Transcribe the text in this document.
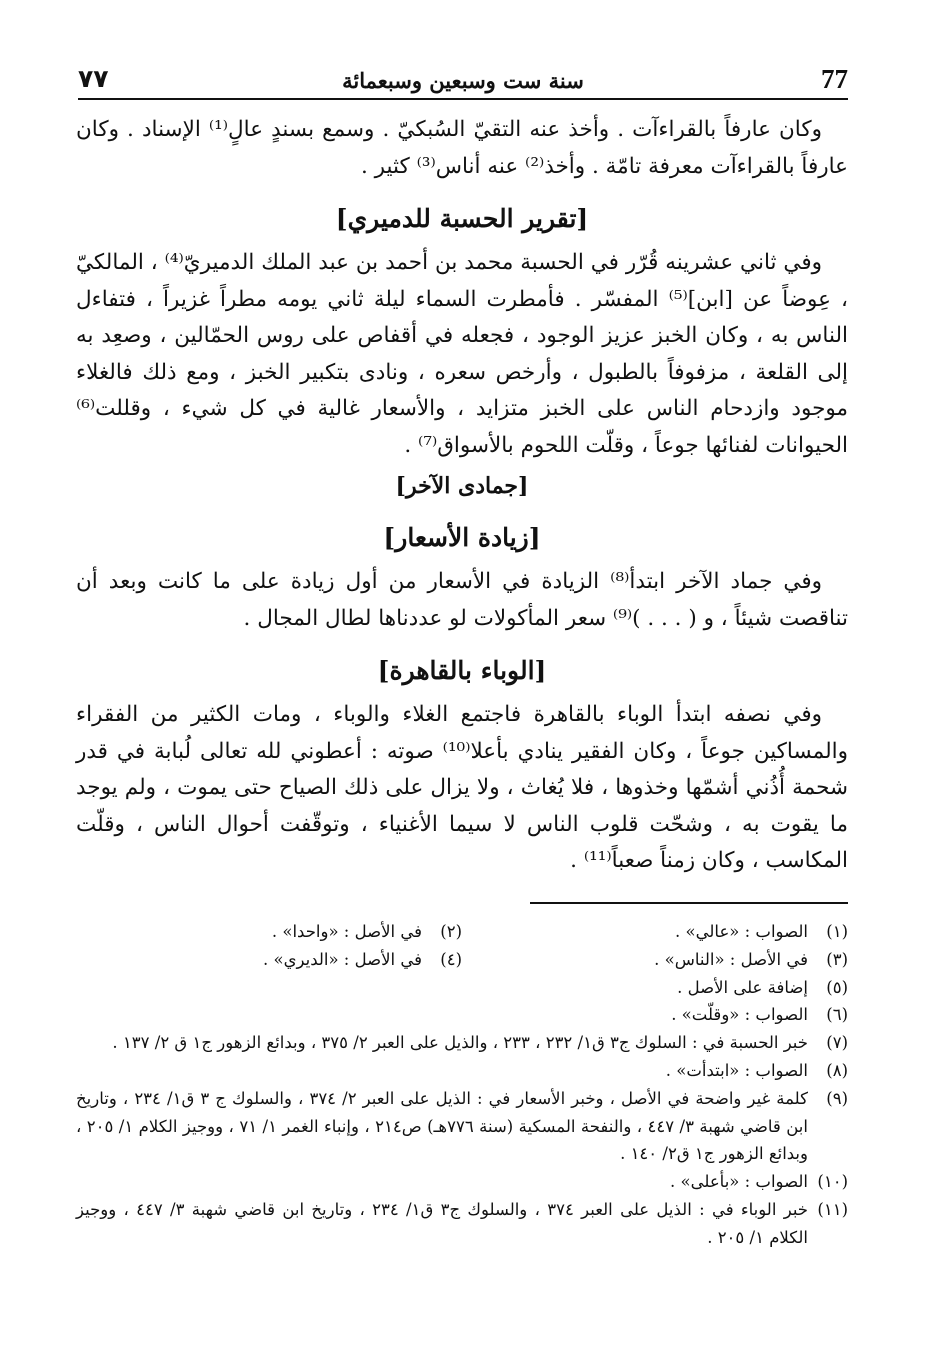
٧٧	سنة ست وسبعين وسبعمائة	77

وكان عارفاً بالقراءآت . وأخذ عنه التقيّ السُبكيّ . وسمع بسندٍ عالٍ⁽¹⁾ الإسناد . وكان عارفاً بالقراءآت معرفة تامّة . وأخذ⁽²⁾ عنه أناس⁽³⁾ كثير .

[تقرير الحسبة للدميري]

وفي ثاني عشرينه قُرّر في الحسبة محمد بن أحمد بن عبد الملك الدميريّ⁽⁴⁾ ، المالكيّ ، عِوضاً عن [ابن]⁽⁵⁾ المفسّر . فأمطرت السماء ليلة ثاني يومه مطراً غزيراً ، فتفاءل الناس به ، وكان الخبز عزيز الوجود ، فجعله في أقفاص على روس الحمّالين ، وصعِد به إلى القلعة ، مزفوفاً بالطبول ، وأرخص سعره ، ونادى بتكبير الخبز ، ومع ذلك فالغلاء موجود وازدحام الناس على الخبز متزايد ، والأسعار غالية في كل شيء ، وقللت⁽⁶⁾ الحيوانات لفنائها جوعاً ، وقلّت اللحوم بالأسواق⁽⁷⁾ .

[جمادى الآخر]
[زيادة الأسعار]

وفي جماد الآخر ابتدأ⁽⁸⁾ الزيادة في الأسعار من أول زيادة على ما كانت وبعد أن تناقصت شيئاً ، و ( . . . )⁽⁹⁾ سعر المأكولات لو عددناها لطال المجال .

[الوباء بالقاهرة]

وفي نصفه ابتدأ الوباء بالقاهرة فاجتمع الغلاء والوباء ، ومات الكثير من الفقراء والمساكين جوعاً ، وكان الفقير ينادي بأعلا⁽¹⁰⁾ صوته : أعطوني لله تعالى لُبابة في قدر شحمة أُذُني أشمّها وخذوها ، فلا يُغاث ، ولا يزال على ذلك الصياح حتى يموت ، ولم يوجد ما يقوت به ، وشحّت قلوب الناس لا سيما الأغنياء ، وتوقّفت أحوال الناس ، وقلّت المكاسب ، وكان زمناً صعباً⁽¹¹⁾ .

(١)
الصواب : «عالي» .
(٢)
في الأصل : «واحدا» .
(٣)
في الأصل : «الناس» .
(٤)
في الأصل : «الديري» .
(٥)
إضافة على الأصل .
(٦)
الصواب : «وقلّت» .
(٧)
خبر الحسبة في : السلوك ج٣ ق١/ ٢٣٢ ، ٢٣٣ ، والذيل على العبر ٢/ ٣٧٥ ، وبدائع الزهور ج١ ق ٢/ ١٣٧ .
(٨)
الصواب : «ابتدأت» .
(٩)
كلمة غير واضحة في الأصل ، وخبر الأسعار في : الذيل على العبر ٢/ ٣٧٤ ، والسلوك ج ٣ ق١/ ٢٣٤ ، وتاريخ ابن قاضي شهبة ٣/ ٤٤٧ ، والنفحة المسكية (سنة ٧٧٦هـ) ص٢١٤ ، وإنباء الغمر ١/ ٧١ ، ووجيز الكلام ١/ ٢٠٥ ، وبدائع الزهور ج١ ق٢/ ١٤٠ .
(١٠)
الصواب : «بأعلى» .
(١١)
خبر الوباء في : الذيل على العبر ٣٧٤ ، والسلوك ج٣ ق١/ ٢٣٤ ، وتاريخ ابن قاضي شهبة ٣/ ٤٤٧ ، ووجيز الكلام ١/ ٢٠٥ .
